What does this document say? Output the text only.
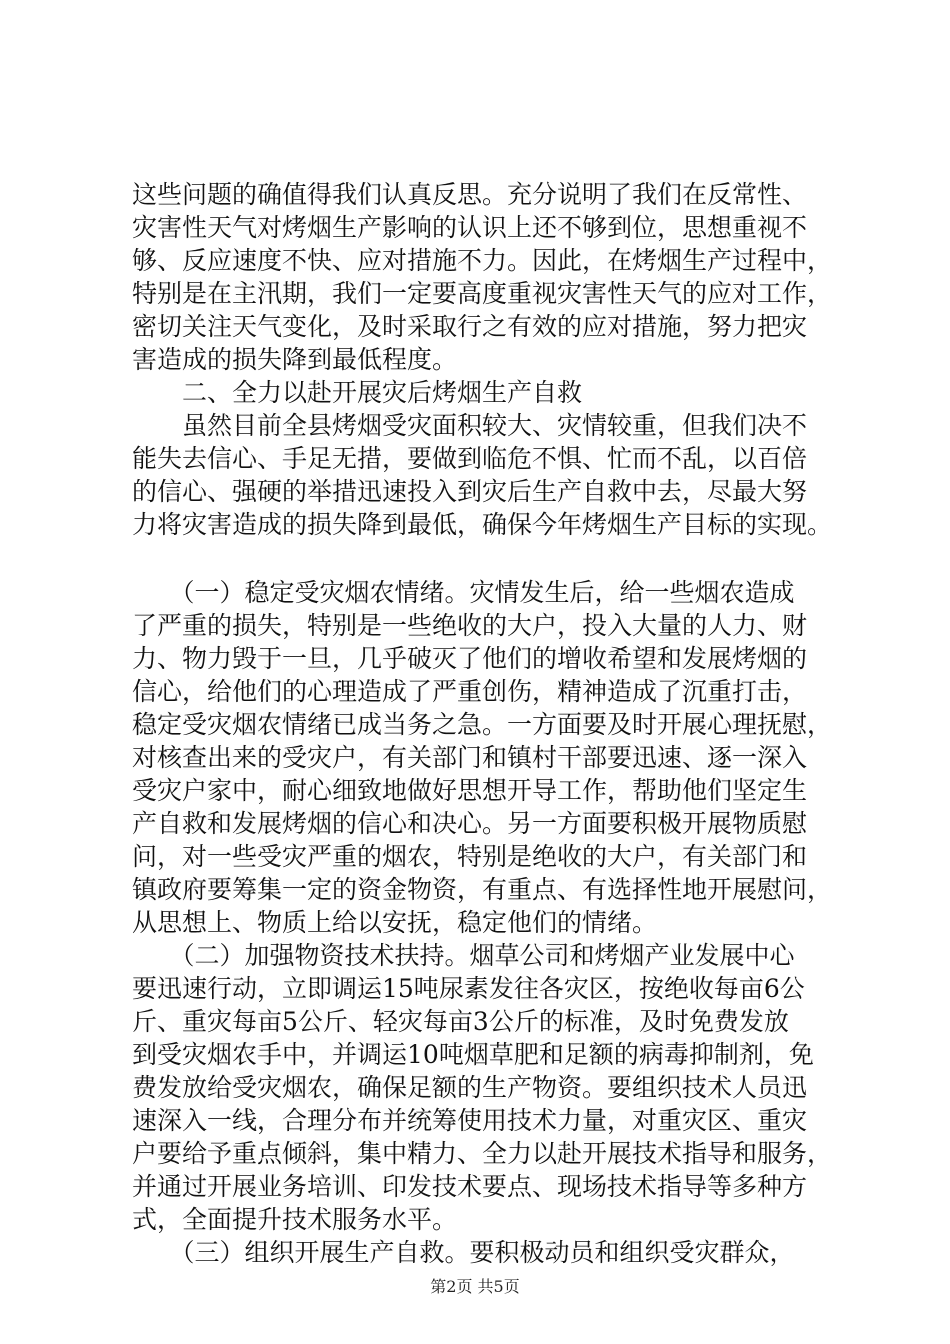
这些问题的确值得我们认真反思。充分说明了我们在反常性、
灾害性天气对烤烟生产影响的认识上还不够到位，思想重视不
够、反应速度不快、应对措施不力。因此，在烤烟生产过程中，
特别是在主汛期，我们一定要高度重视灾害性天气的应对工作，
密切关注天气变化，及时采取行之有效的应对措施，努力把灾
害造成的损失降到最低程度。
　　二、全力以赴开展灾后烤烟生产自救
　　虽然目前全县烤烟受灾面积较大、灾情较重，但我们决不
能失去信心、手足无措，要做到临危不惧、忙而不乱，以百倍
的信心、强硬的举措迅速投入到灾后生产自救中去，尽最大努
力将灾害造成的损失降到最低，确保今年烤烟生产目标的实现。
　　（一）稳定受灾烟农情绪。灾情发生后，给一些烟农造成
了严重的损失，特别是一些绝收的大户，投入大量的人力、财
力、物力毁于一旦，几乎破灭了他们的增收希望和发展烤烟的
信心，给他们的心理造成了严重创伤，精神造成了沉重打击，
稳定受灾烟农情绪已成当务之急。一方面要及时开展心理抚慰，
对核查出来的受灾户，有关部门和镇村干部要迅速、逐一深入
受灾户家中，耐心细致地做好思想开导工作，帮助他们坚定生
产自救和发展烤烟的信心和决心。另一方面要积极开展物质慰
问，对一些受灾严重的烟农，特别是绝收的大户，有关部门和
镇政府要筹集一定的资金物资，有重点、有选择性地开展慰问，
从思想上、物质上给以安抚，稳定他们的情绪。
　　（二）加强物资技术扶持。烟草公司和烤烟产业发展中心
要迅速行动，立即调运15吨尿素发往各灾区，按绝收每亩6公
斤、重灾每亩5公斤、轻灾每亩3公斤的标准，及时免费发放
到受灾烟农手中，并调运10吨烟草肥和足额的病毒抑制剂，免
费发放给受灾烟农，确保足额的生产物资。要组织技术人员迅
速深入一线，合理分布并统筹使用技术力量，对重灾区、重灾
户要给予重点倾斜，集中精力、全力以赴开展技术指导和服务，
并通过开展业务培训、印发技术要点、现场技术指导等多种方
式，全面提升技术服务水平。
　　（三）组织开展生产自救。要积极动员和组织受灾群众，
第2页 共5页
